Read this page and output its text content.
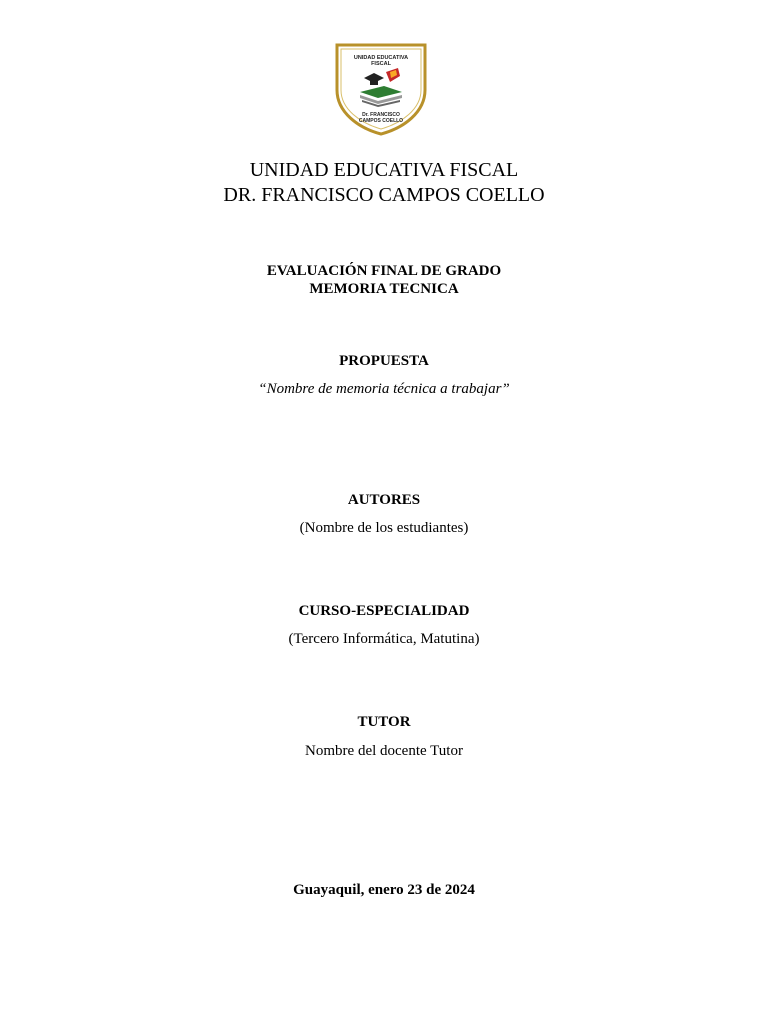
UNIDAD EDUCATIVA
FISCAL
Dr. FRANCISCO
CAMPOS COELLO
UNIDAD EDUCATIVA FISCAL
DR. FRANCISCO CAMPOS COELLO
EVALUACIÓN FINAL DE GRADO
MEMORIA TECNICA
PROPUESTA
“Nombre de memoria técnica a trabajar”
AUTORES
(Nombre de los estudiantes)
CURSO-ESPECIALIDAD
(Tercero Informática, Matutina)
TUTOR
Nombre del docente Tutor
Guayaquil, enero 23 de 2024
